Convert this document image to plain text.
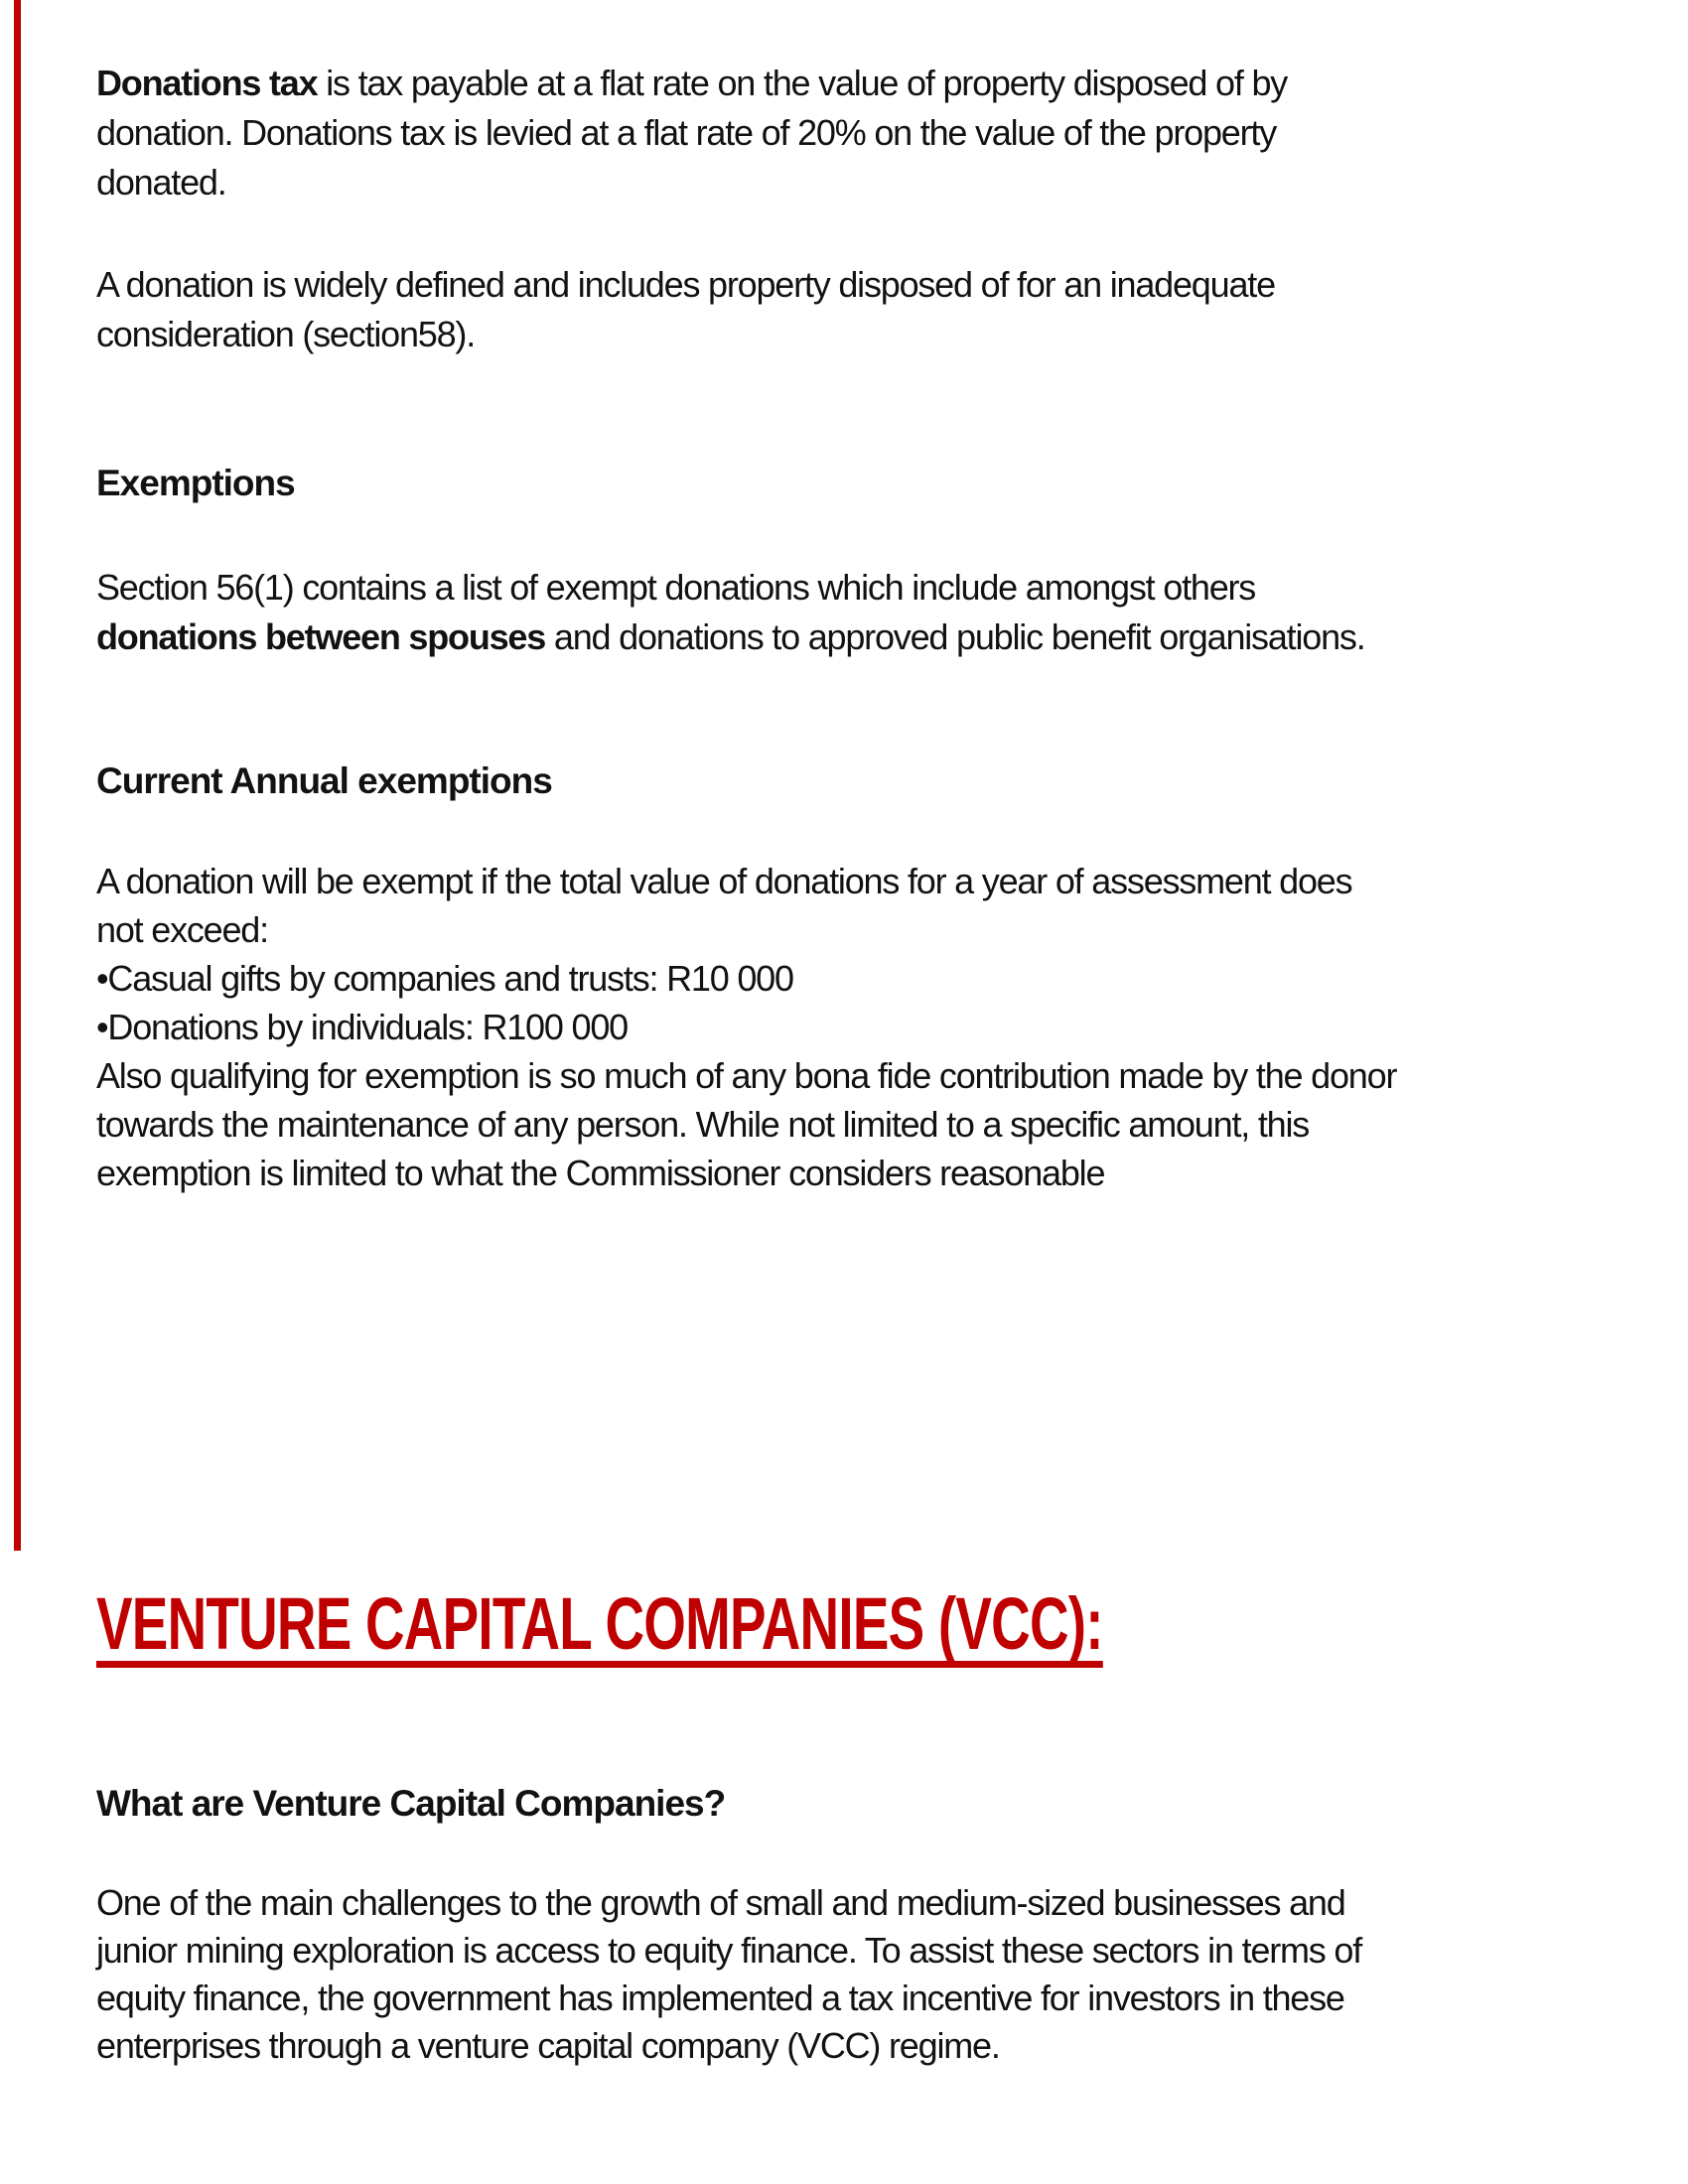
Donations tax is tax payable at a flat rate on the value of property disposed of by
donation. Donations tax is levied at a flat rate of 20% on the value of the property
donated.
A donation is widely defined and includes property disposed of for an inadequate
consideration (section58).
Exemptions
Section 56(1) contains a list of exempt donations which include amongst others
donations between spouses and donations to approved public benefit organisations.
Current Annual exemptions
A donation will be exempt if the total value of donations for a year of assessment does
not exceed:
•Casual gifts by companies and trusts: R10 000
•Donations by individuals: R100 000
Also qualifying for exemption is so much of any bona fide contribution made by the donor
towards the maintenance of any person. While not limited to a specific amount, this
exemption is limited to what the Commissioner considers reasonable
VENTURE CAPITAL COMPANIES (VCC):
What are Venture Capital Companies?
One of the main challenges to the growth of small and medium-sized businesses and
junior mining exploration is access to equity finance. To assist these sectors in terms of
equity finance, the government has implemented a tax incentive for investors in these
enterprises through a venture capital company (VCC) regime.
